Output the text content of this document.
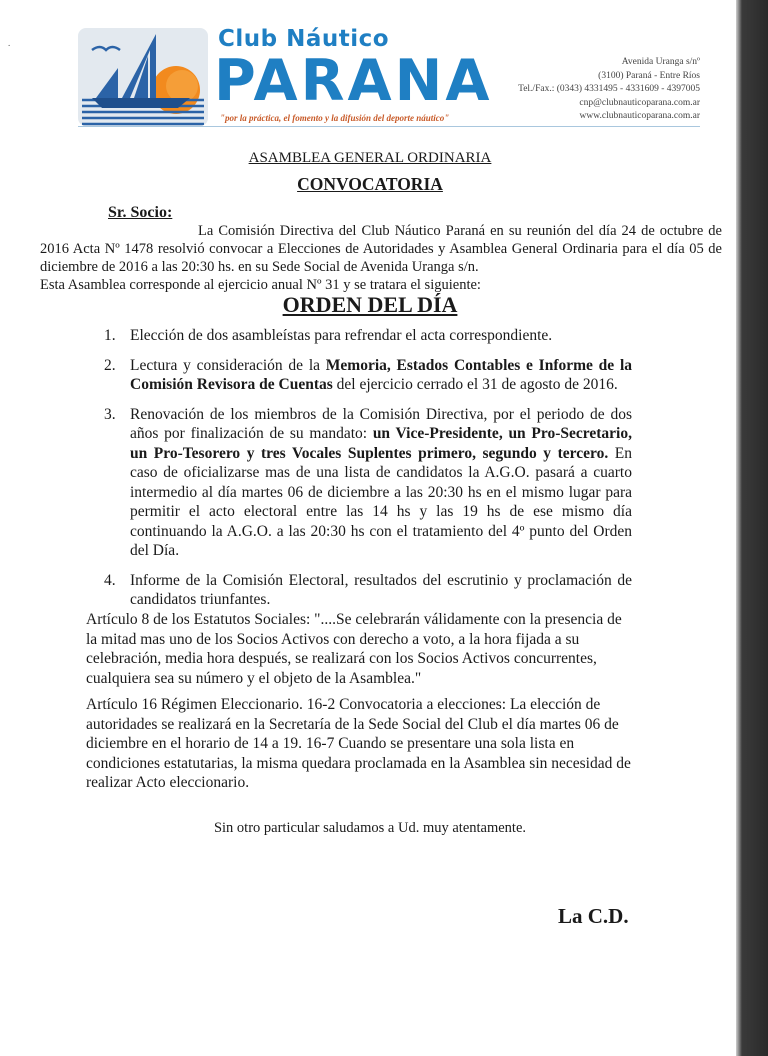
.	Club Náutico
PARANA
"por la práctica, el fomento y la difusión del deporte náutico"
Avenida Uranga s/nº
(3100) Paraná - Entre Ríos
Tel./Fax.: (0343) 4331495 - 4331609 - 4397005
cnp@clubnauticoparana.com.ar
www.clubnauticoparana.com.ar
ASAMBLEA GENERAL ORDINARIA
CONVOCATORIA
Sr. Socio:

La Comisión Directiva del Club Náutico Paraná en su reunión del día 24 de octubre de 2016 Acta Nº 1478 resolvió convocar a Elecciones de Autoridades y Asamblea General Ordinaria para el día 05 de diciembre de 2016 a las 20:30 hs. en su Sede Social de Avenida Uranga s/n.

Esta Asamblea corresponde al ejercicio anual Nº 31 y se tratara el siguiente:

ORDEN DEL DÍA
1. Elección de dos asambleístas para refrendar el acta correspondiente.
2. Lectura y consideración de la Memoria, Estados Contables e Informe de la Comisión Revisora de Cuentas del ejercicio cerrado el 31 de agosto de 2016.
3. Renovación de los miembros de la Comisión Directiva, por el periodo de dos años por finalización de su mandato: un Vice-Presidente, un Pro-Secretario, un Pro-Tesorero y tres Vocales Suplentes primero, segundo y tercero. En caso de oficializarse mas de una lista de candidatos la A.G.O. pasará a cuarto intermedio al día martes 06 de diciembre a las 20:30 hs en el mismo lugar para permitir el acto electoral entre las 14 hs y las 19 hs de ese mismo día continuando la A.G.O. a las 20:30 hs con el tratamiento del 4º punto del Orden del Día.
4. Informe de la Comisión Electoral, resultados del escrutinio y proclamación de candidatos triunfantes.

Artículo 8 de los Estatutos Sociales: "....Se celebrarán válidamente con la presencia de la mitad mas uno de los Socios Activos con derecho a voto, a la hora fijada a su celebración, media hora después, se realizará con los Socios Activos concurrentes, cualquiera sea su número y el objeto de la Asamblea."

Artículo 16 Régimen Eleccionario. 16-2 Convocatoria a elecciones: La elección de autoridades se realizará en la Secretaría de la Sede Social del Club el día martes 06 de diciembre en el horario de 14 a 19. 16-7 Cuando se presentare una sola lista en condiciones estatutarias, la misma quedara proclamada en la Asamblea sin necesidad de realizar Acto eleccionario.

Sin otro particular saludamos a Ud. muy atentamente.
La C.D.
